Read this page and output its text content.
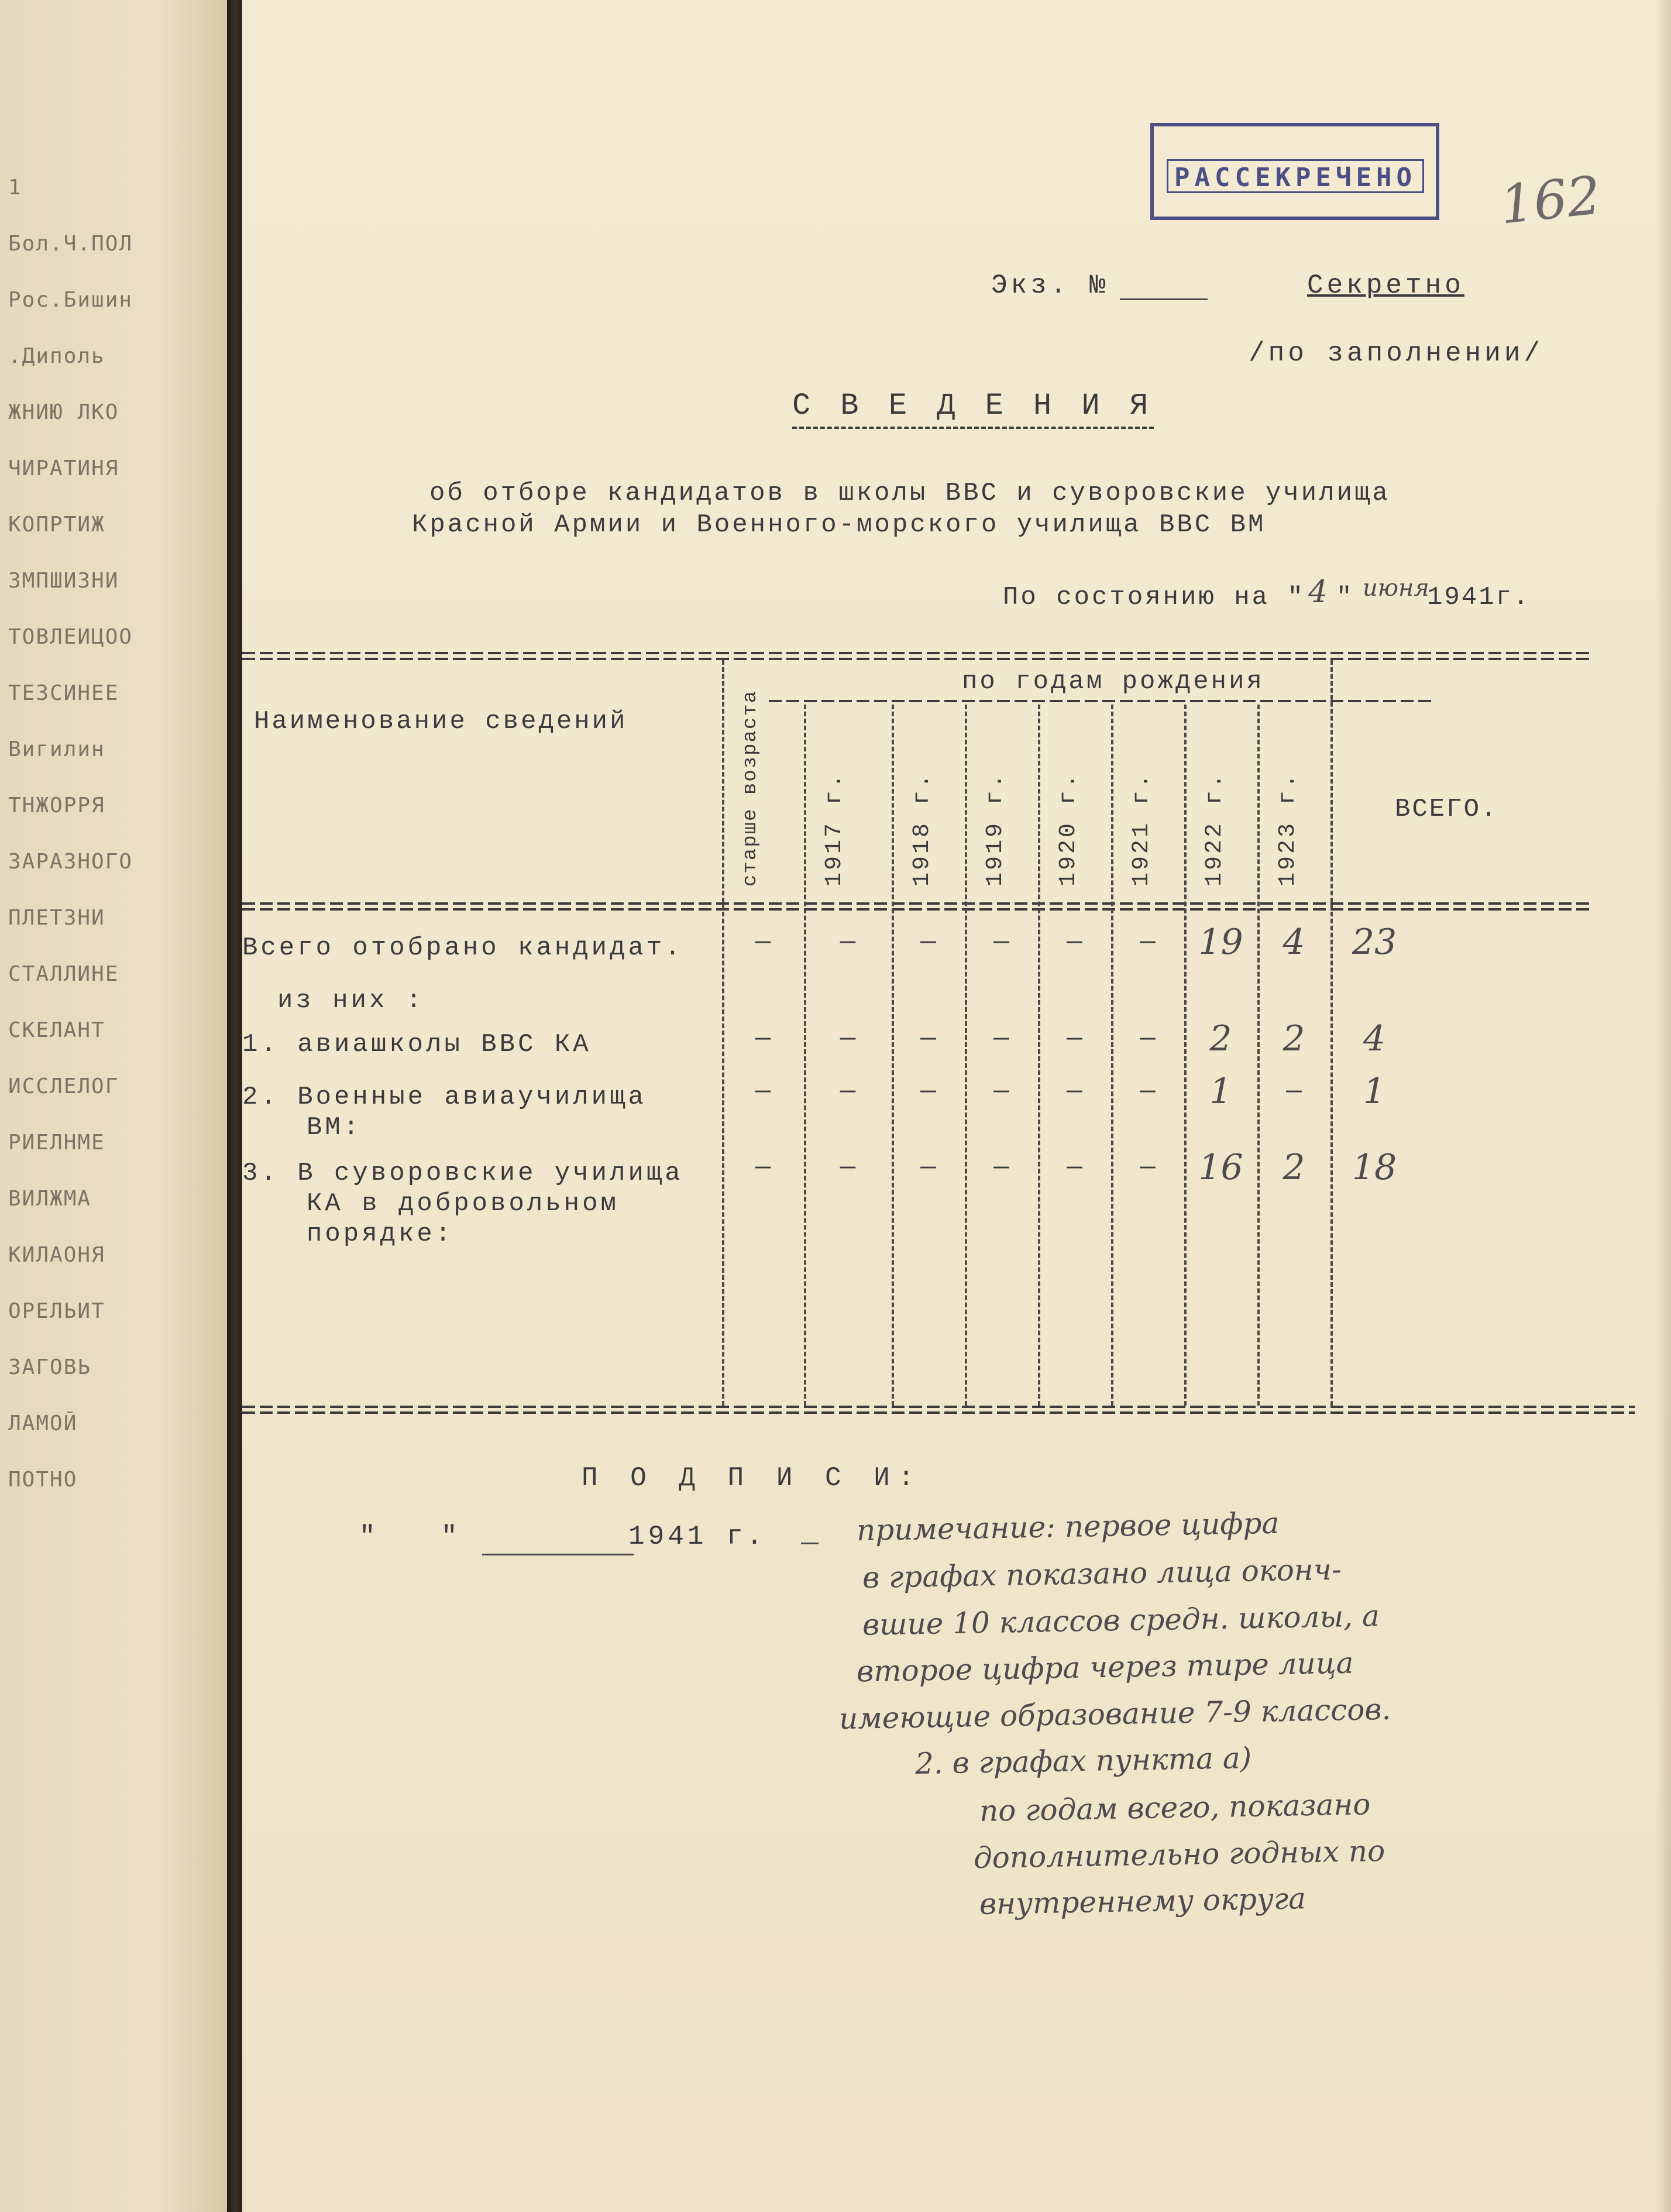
1
Бол.Ч.ПОЛ
Рос.Бишин
.Диполь
ЖНИЮ ЛКО
ЧИРАТИНЯ
КОПРТИЖ
ЗМПШИЗНИ
ТОВЛЕИЦОО
ТЕЗСИНЕЕ
Вигилин
ТНЖОРРЯ
ЗАРАЗНОГО
ПЛЕТЗНИ
СТАЛЛИНЕ
СКЕЛАНТ
ИССЛЕЛОГ
РИЕЛНМЕ
ВИЛЖМА
КИЛАОНЯ
ОРЕЛЬИТ
ЗАГОВЬ
ЛАМОЙ
ПОТНО
РАССЕКРЕЧЕНО 162
Экз. №	Секретно
/по заполнении/
С В Е Д Е Н И Я
об отборе кандидатов в школы ВВС и суворовские училища
Красной Армии и Военного-морского училища ВВС ВМ
По состоянию на " 4 " июня
1941г.
Наименование сведений
по годам рождения
ВСЕГО.
П О Д П И С И:
" "	1941 г.
старше возраста	1917 г.	1918 г. 1919 г. 1920 г. 1921 г. 1922 г. 1923 г.
Всего отобрано кандидат.	—	—	—	—	—	—	19	4	23
из них :
1. авиашколы ВВС КА	—	—	—	—	—	—	2	2	4
2. Военные авиаучилища
ВМ:
—	—	—	—	—	—	1	—	1
3. В суворовские училища
КА в добровольном
порядке:
—	—	—	—	—	—	16	2	18
примечание: первое цифра
в графах показано лица оконч-
вшие 10 классов средн. школы, а
второе цифра через тире лица
имеющие образование 7-9 классов.
2. в графах пункта а)
по годам всего, показано
дополнительно годных по
внутреннему округа
